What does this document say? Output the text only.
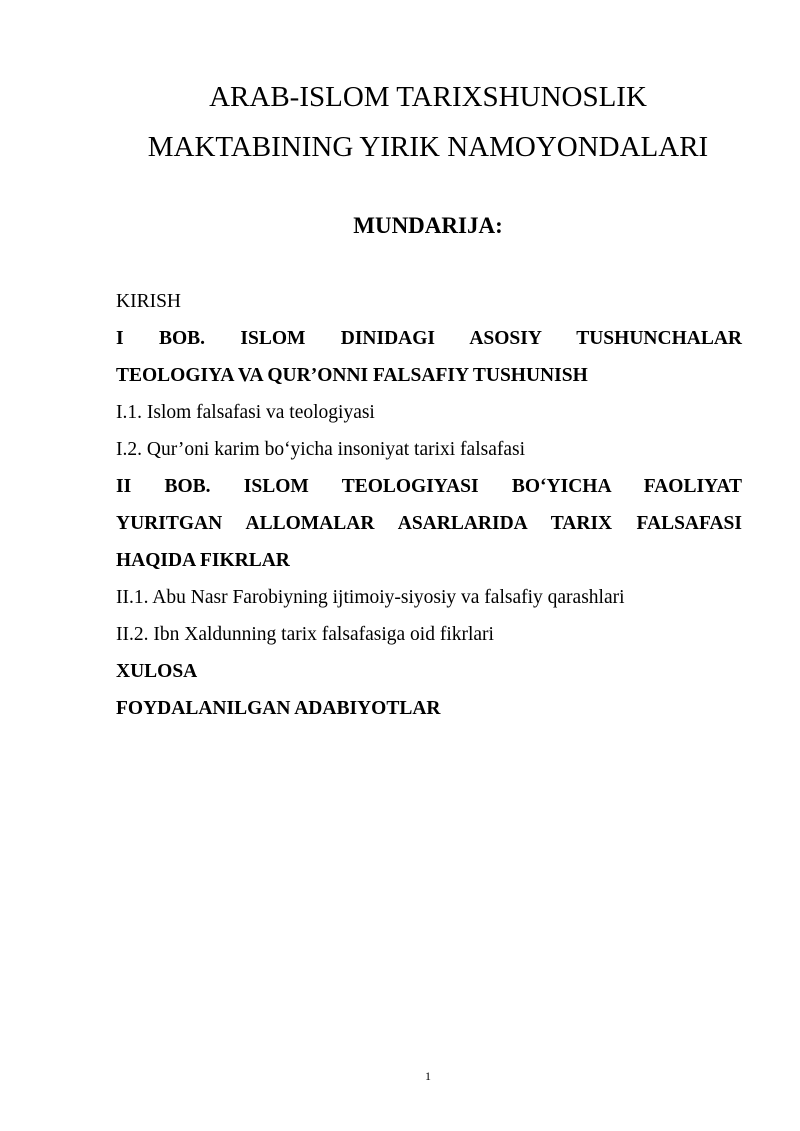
ARAB-ISLOM TARIXSHUNOSLIK
MAKTABINING YIRIK NAMOYONDALARI
MUNDARIJA:
KIRISH
I BOB. ISLOM DINIDAGI ASOSIY TUSHUNCHALAR
TEOLOGIYA VA QUR’ONNI FALSAFIY TUSHUNISH
I.1. Islom falsafasi va teologiyasi
I.2. Qur’oni karim bo‘yicha insoniyat tarixi falsafasi
II BOB. ISLOM TEOLOGIYASI BO‘YICHA FAOLIYAT
YURITGAN ALLOMALAR ASARLARIDA TARIX FALSAFASI
HAQIDA FIKRLAR
II.1. Abu Nasr Farobiyning ijtimoiy-siyosiy va falsafiy qarashlari
II.2. Ibn Xaldunning tarix falsafasiga oid fikrlari
XULOSA
FOYDALANILGAN ADABIYOTLAR
1
